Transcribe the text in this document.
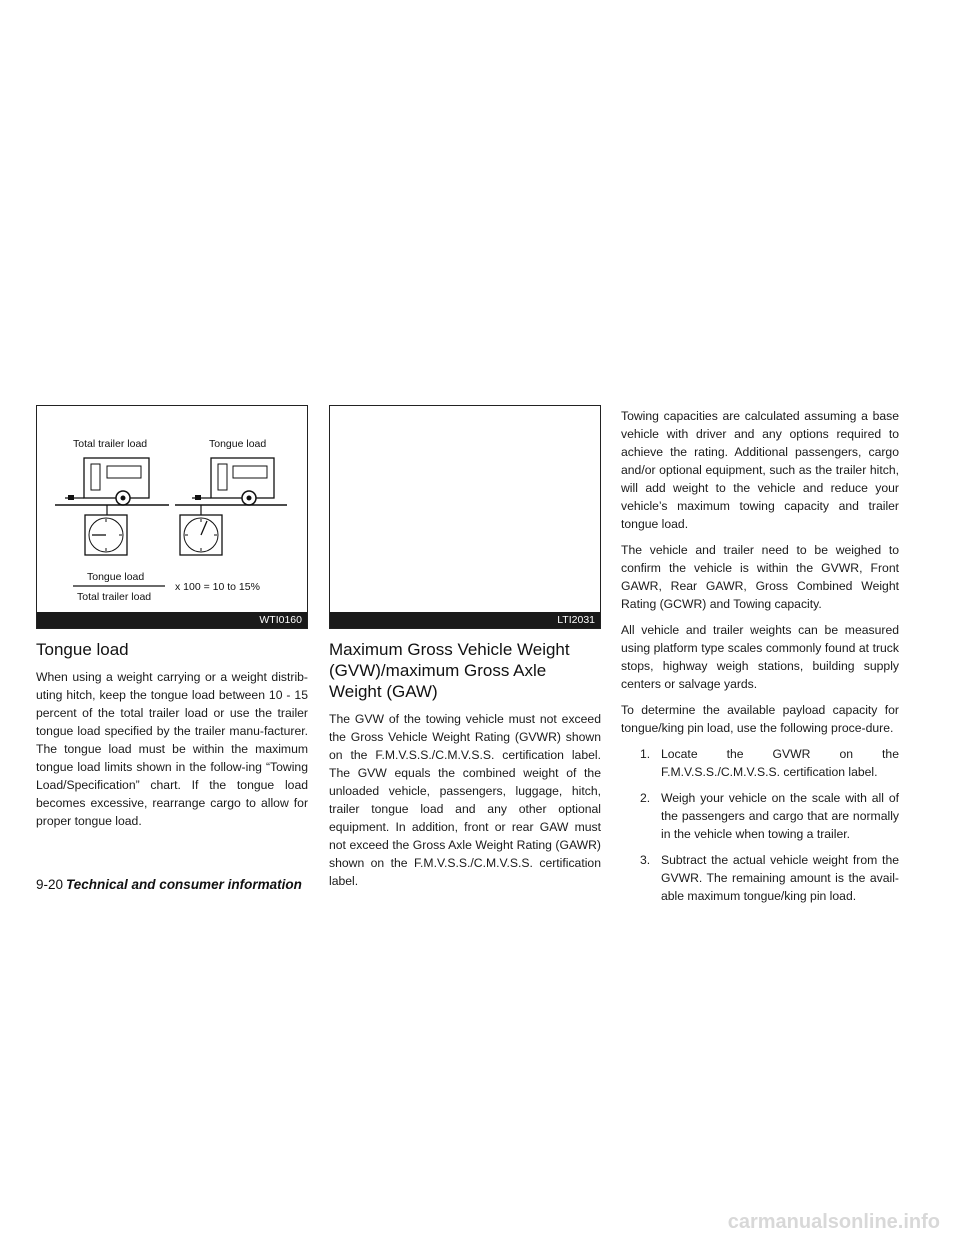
Total trailer load	Tongue load
Tongue load
Total trailer load
x 100 = 10 to 15%
WTI0160
Tongue load

When using a weight carrying or a weight distrib-uting hitch, keep the tongue load between 10 - 15 percent of the total trailer load or use the trailer tongue load specified by the trailer manu-facturer. The tongue load must be within the maximum tongue load limits shown in the follow-ing “Towing Load/Specification” chart. If the tongue load becomes excessive, rearrange cargo to allow for proper tongue load.

LTI2031
Maximum Gross Vehicle Weight (GVW)/maximum Gross Axle Weight (GAW)

The GVW of the towing vehicle must not exceed the Gross Vehicle Weight Rating (GVWR) shown on the F.M.V.S.S./C.M.V.S.S. certification label. The GVW equals the combined weight of the unloaded vehicle, passengers, luggage, hitch, trailer tongue load and any other optional equipment. In addition, front or rear GAW must not exceed the Gross Axle Weight Rating (GAWR) shown on the F.M.V.S.S./C.M.V.S.S. certification label.

Towing capacities are calculated assuming a base vehicle with driver and any options required to achieve the rating. Additional passengers, cargo and/or optional equipment, such as the trailer hitch, will add weight to the vehicle and reduce your vehicle’s maximum towing capacity and trailer tongue load.

The vehicle and trailer need to be weighed to confirm the vehicle is within the GVWR, Front GAWR, Rear GAWR, Gross Combined Weight Rating (GCWR) and Towing capacity.

All vehicle and trailer weights can be measured using platform type scales commonly found at truck stops, highway weigh stations, building supply centers or salvage yards.

To determine the available payload capacity for tongue/king pin load, use the following proce-dure.

1. Locate the GVWR on the F.M.V.S.S./C.M.V.S.S. certification label.
2. Weigh your vehicle on the scale with all of the passengers and cargo that are normally in the vehicle when towing a trailer.
3. Subtract the actual vehicle weight from the GVWR. The remaining amount is the avail-able maximum tongue/king pin load.
9-20 Technical and consumer information
carmanualsonline.info
